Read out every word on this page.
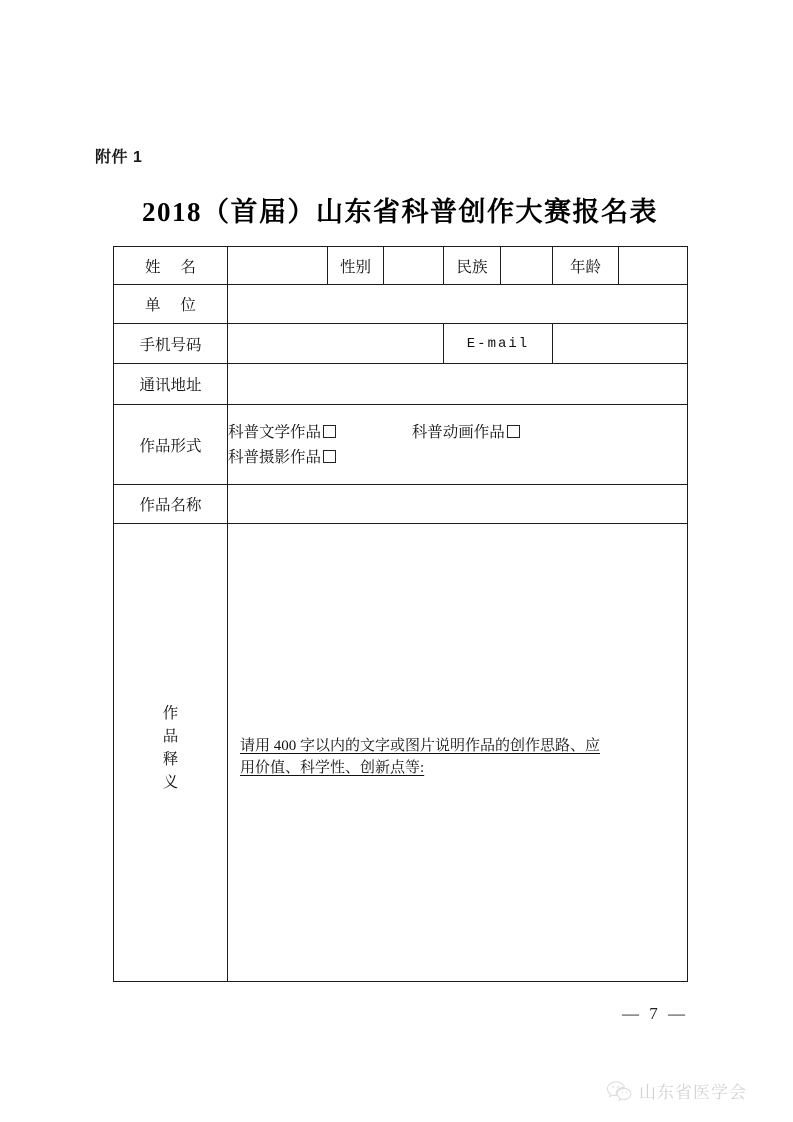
附件 1
2018（首届）山东省科普创作大赛报名表
姓 名		性别		民族		年龄	
单 位							
手机号码				E-mail			
通讯地址							
作品形式	科普文学作品 科普动画作品
科普摄影作品						

作品名称							

作
品
释
义	请用 400 字以内的文字或图片说明作品的创作思路、应
用价值、科学性、创新点等:						
— 7 —
山东省医学会
